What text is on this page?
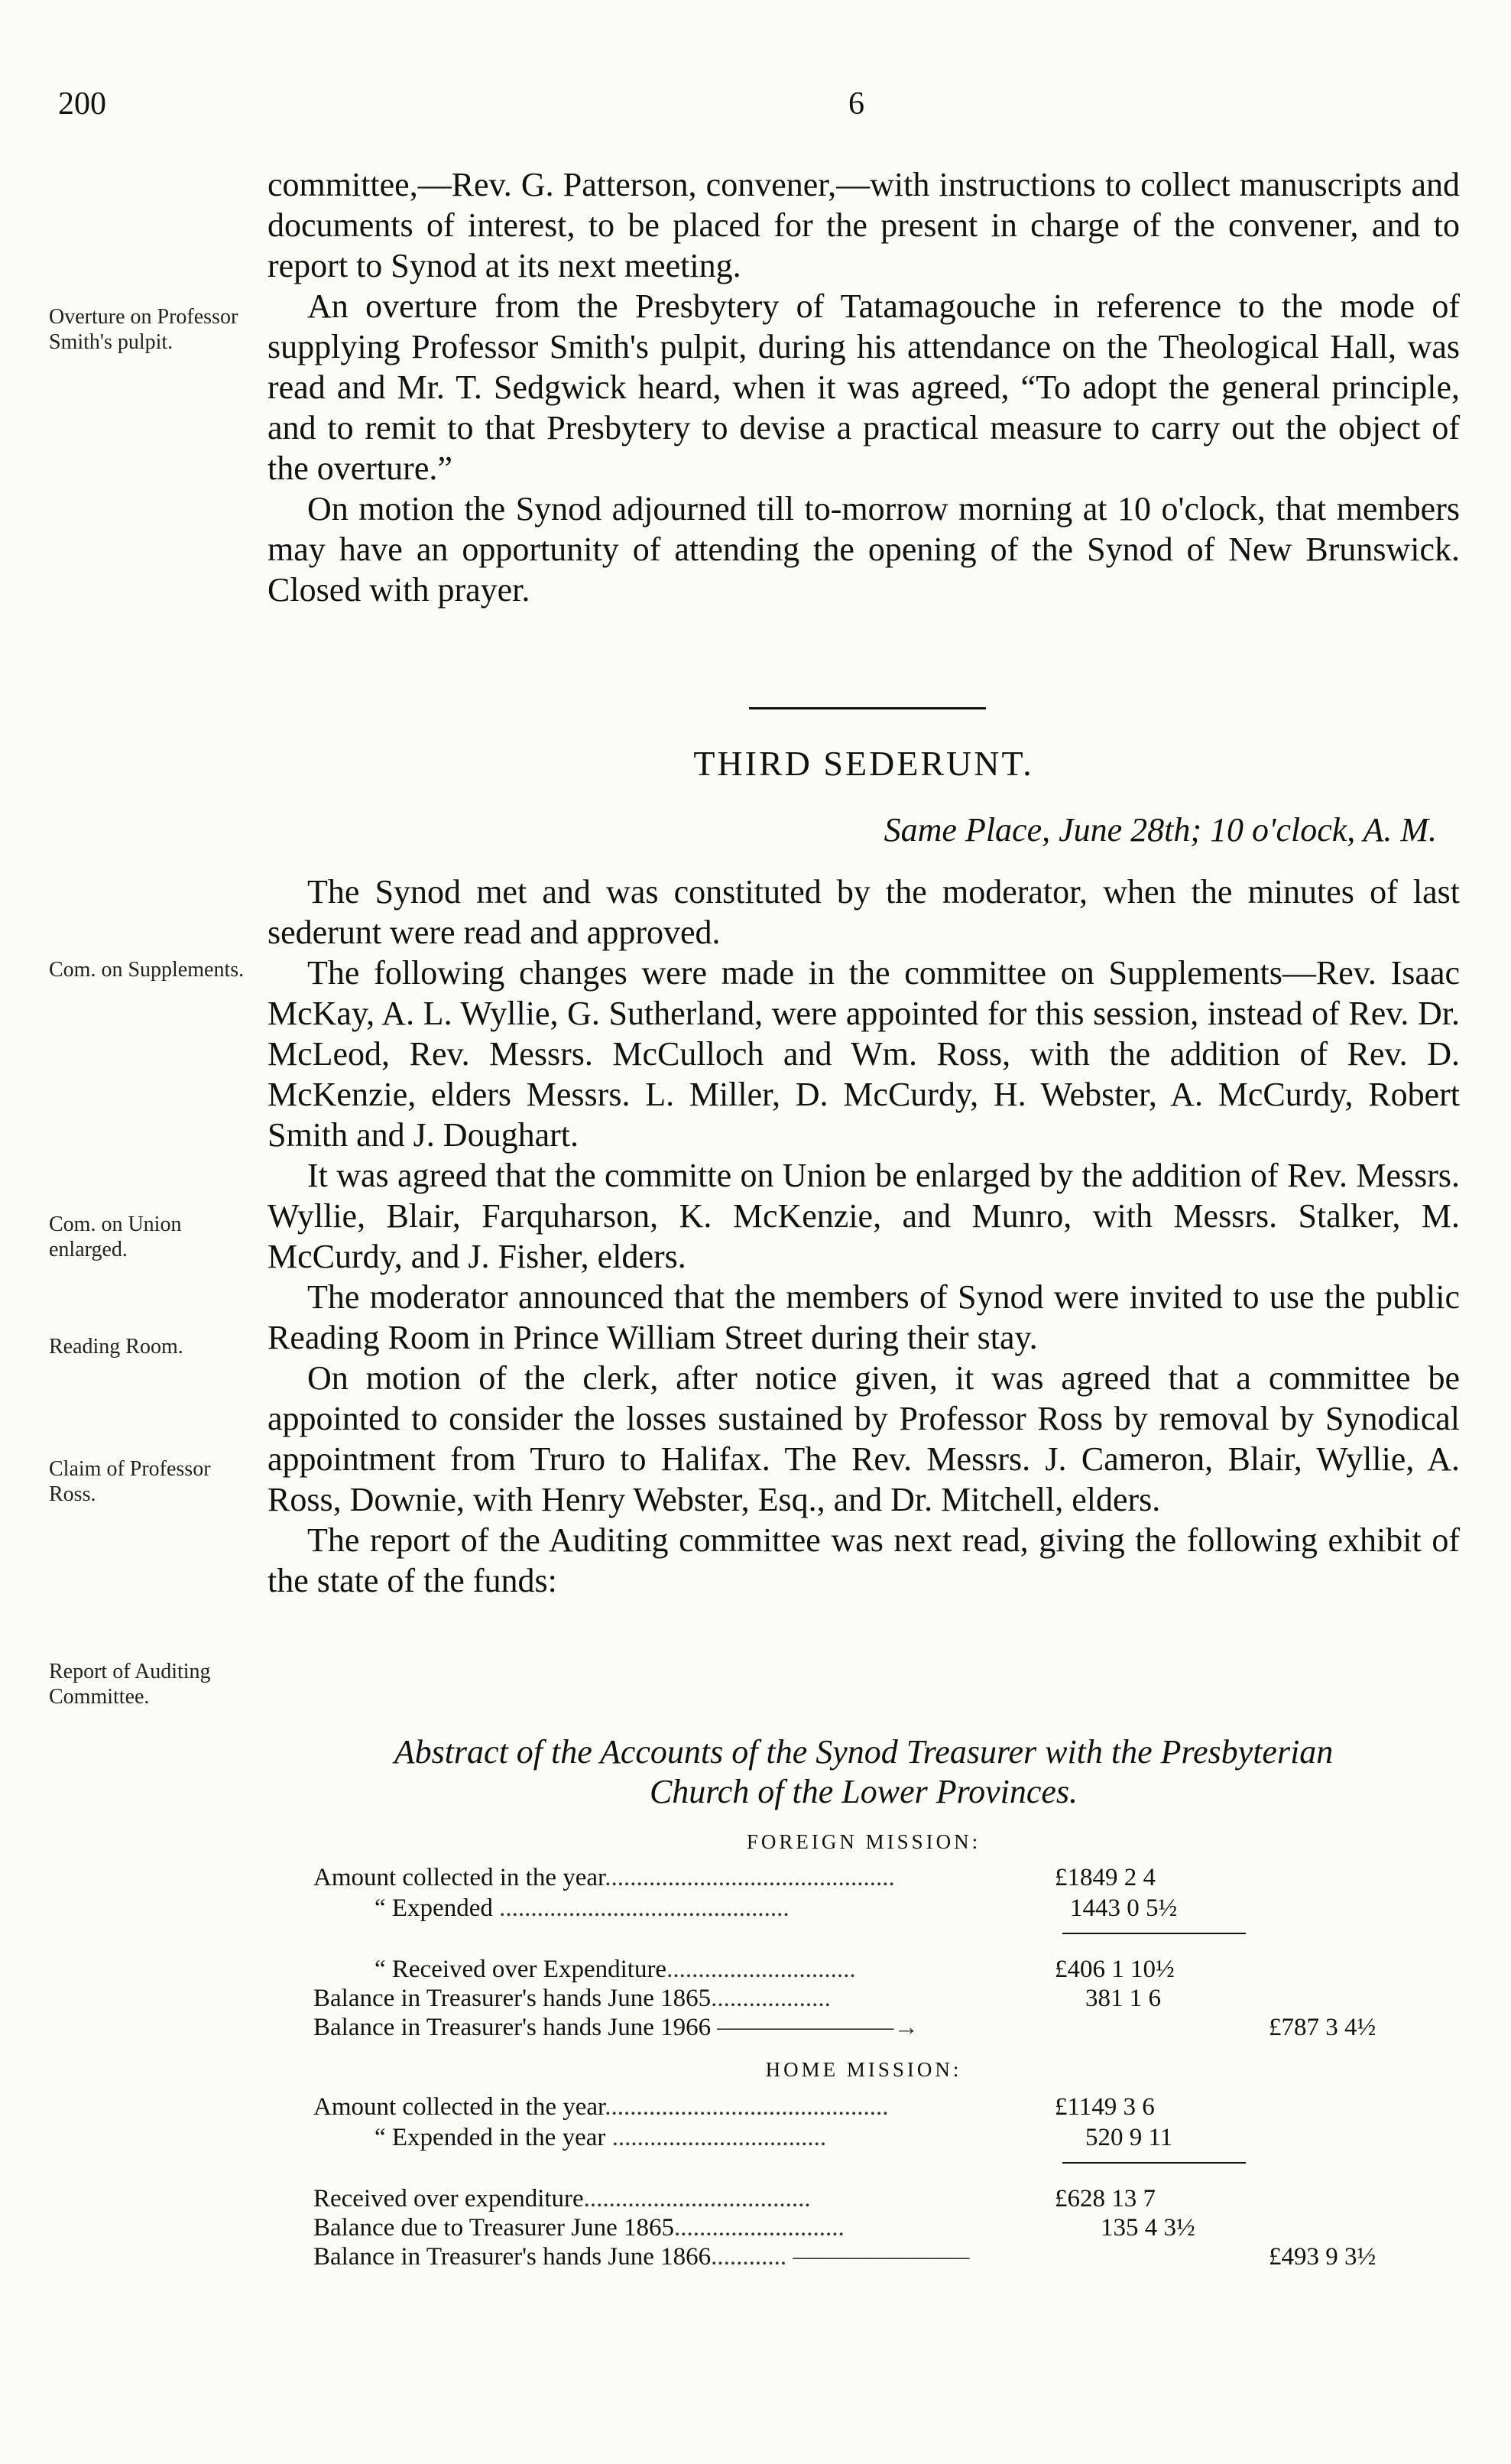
200	6

committee,—Rev. G. Patterson, convener,—with instructions to collect manuscripts and documents of interest, to be placed for the present in charge of the convener, and to report to Synod at its next meeting.

An overture from the Presbytery of Tatamagouche in reference to the mode of supplying Professor Smith's pulpit, during his attendance on the Theological Hall, was read and Mr. T. Sedgwick heard, when it was agreed, “To adopt the general principle, and to remit to that Presbytery to devise a practical measure to carry out the object of the overture.”

On motion the Synod adjourned till to-morrow morning at 10 o'clock, that members may have an opportunity of attending the opening of the Synod of New Brunswick. Closed with prayer.

Overture on Professor Smith's pulpit.
THIRD SEDERUNT.
Same Place, June 28th; 10 o'clock, A. M.

The Synod met and was constituted by the moderator, when the minutes of last sederunt were read and approved.

The following changes were made in the committee on Supplements—Rev. Isaac McKay, A. L. Wyllie, G. Sutherland, were appointed for this session, instead of Rev. Dr. McLeod, Rev. Messrs. McCulloch and Wm. Ross, with the addition of Rev. D. McKenzie, elders Messrs. L. Miller, D. McCurdy, H. Webster, A. McCurdy, Robert Smith and J. Doughart.

It was agreed that the committe on Union be enlarged by the addition of Rev. Messrs. Wyllie, Blair, Farquharson, K. McKenzie, and Munro, with Messrs. Stalker, M. McCurdy, and J. Fisher, elders.

The moderator announced that the members of Synod were invited to use the public Reading Room in Prince William Street during their stay.

On motion of the clerk, after notice given, it was agreed that a committee be appointed to consider the losses sustained by Professor Ross by removal by Synodical appointment from Truro to Halifax. The Rev. Messrs. J. Cameron, Blair, Wyllie, A. Ross, Downie, with Henry Webster, Esq., and Dr. Mitchell, elders.

The report of the Auditing committee was next read, giving the following exhibit of the state of the funds:

Com. on Supplements.
Com. on Union enlarged.
Reading Room.
Claim of Professor Ross.
Report of Auditing Committee.
Abstract of the Accounts of the Synod Treasurer with the Presbyterian
Church of the Lower Provinces.
FOREIGN MISSION:
Amount collected in the year..............................................	£1849 2 4
“ Expended ..............................................	1443 0 5½
“ Received over Expenditure..............................	£406 1 10½
Balance in Treasurer's hands June 1865...................	381 1 6
Balance in Treasurer's hands June 1966 ———————→	£787 3 4½
HOME MISSION:
Amount collected in the year.............................................	£1149 3 6
“ Expended in the year ..................................	520 9 11
Received over expenditure....................................	£628 13 7
Balance due to Treasurer June 1865...........................	135 4 3½
Balance in Treasurer's hands June 1866............ ———————	£493 9 3½
